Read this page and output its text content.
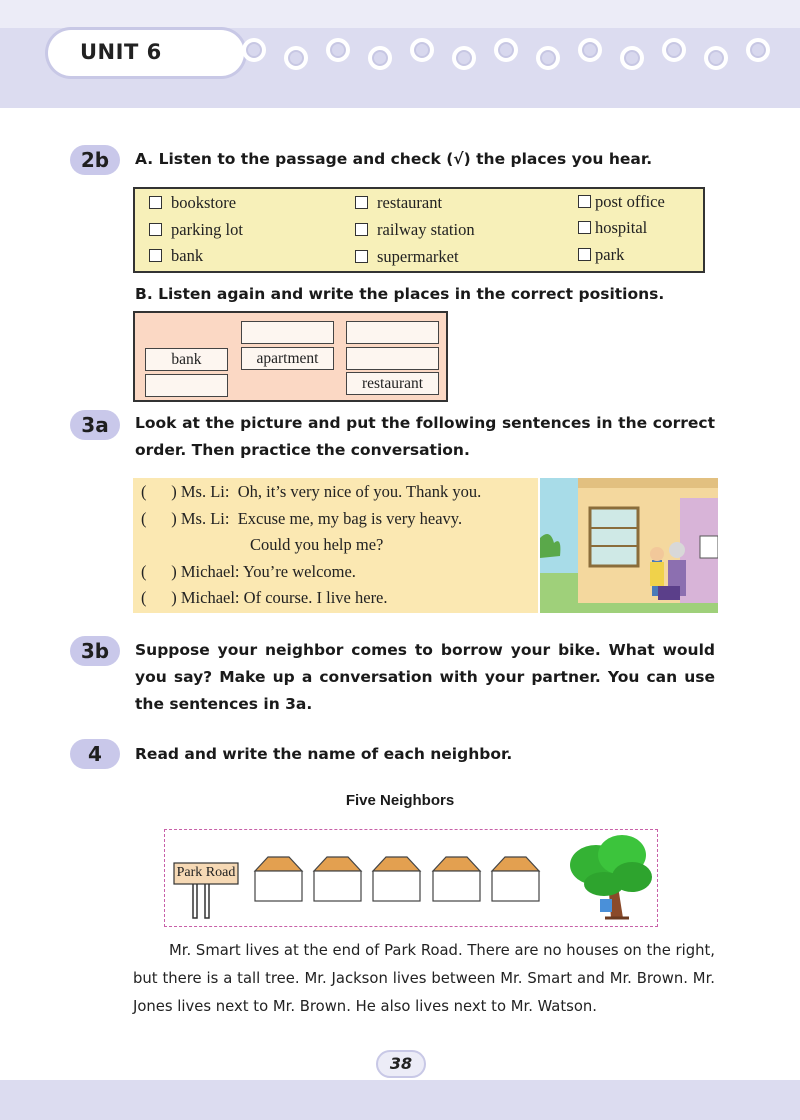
UNIT 6
2b	A. Listen to the passage and check (√) the places you hear.
bookstore	restaurant	post office
parking lot	railway station	hospital
bank	supermarket	park
B. Listen again and write the places in the correct positions.
bank	apartment
restaurant
3a	Look at the picture and put the following sentences in the correct order. Then practice the conversation.
(      ) Ms. Li: Oh, it’s very nice of you. Thank you.
(      ) Ms. Li: Excuse me, my bag is very heavy.
Could you help me?
(      ) Michael: You’re welcome.
(      ) Michael: Of course. I live here.
3b	Suppose your neighbor comes to borrow your bike. What would you say? Make up a conversation with your partner. You can use the sentences in 3a.
4	Read and write the name of each neighbor.
Five Neighbors
Park Road
Mr. Smart lives at the end of Park Road. There are no houses on the right, but there is a tall tree. Mr. Jackson lives between Mr. Smart and Mr. Brown. Mr. Jones lives next to Mr. Brown. He also lives next to Mr. Watson.
38
